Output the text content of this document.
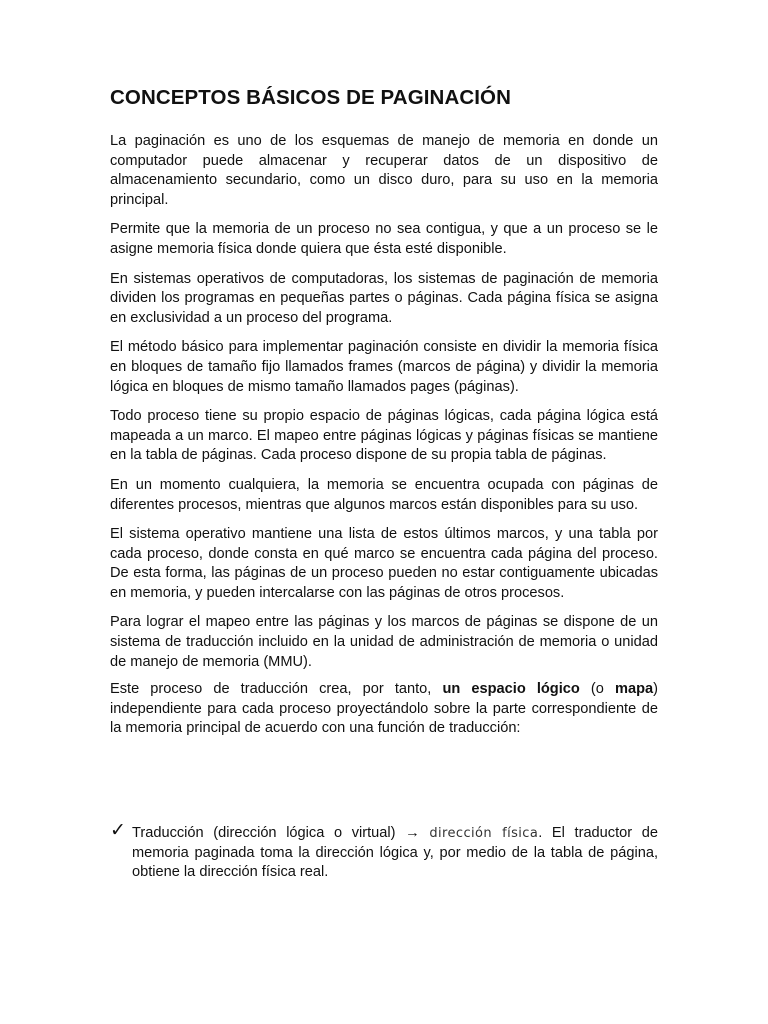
CONCEPTOS BÁSICOS DE PAGINACIÓN

La paginación es uno de los esquemas de manejo de memoria en donde un computador puede almacenar y recuperar datos de un dispositivo de almacenamiento secundario, como un disco duro, para su uso en la memoria principal.

Permite que la memoria de un proceso no sea contigua, y que a un proceso se le asigne memoria física donde quiera que ésta esté disponible.

En sistemas operativos de computadoras, los sistemas de paginación de memoria dividen los programas en pequeñas partes o páginas. Cada página física se asigna en exclusividad a un proceso del programa.

El método básico para implementar paginación consiste en dividir la memoria física en bloques de tamaño fijo llamados frames (marcos de página) y dividir la memoria lógica en bloques de mismo tamaño llamados pages (páginas).

Todo proceso tiene su propio espacio de páginas lógicas, cada página lógica está mapeada a un marco. El mapeo entre páginas lógicas y páginas físicas se mantiene en la tabla de páginas. Cada proceso dispone de su propia tabla de páginas.

En un momento cualquiera, la memoria se encuentra ocupada con páginas de diferentes procesos, mientras que algunos marcos están disponibles para su uso.

El sistema operativo mantiene una lista de estos últimos marcos, y una tabla por cada proceso, donde consta en qué marco se encuentra cada página del proceso. De esta forma, las páginas de un proceso pueden no estar contiguamente ubicadas en memoria, y pueden intercalarse con las páginas de otros procesos.

Para lograr el mapeo entre las páginas y los marcos de páginas se dispone de un sistema de traducción incluido en la unidad de administración de memoria o unidad de manejo de memoria (MMU).

Este proceso de traducción crea, por tanto, un espacio lógico (o mapa) independiente para cada proceso proyectándolo sobre la parte correspondiente de la memoria principal de acuerdo con una función de traducción:

✓ Traducción (dirección lógica o virtual) → dirección física. El traductor de memoria paginada toma la dirección lógica y, por medio de la tabla de página, obtiene la dirección física real.
